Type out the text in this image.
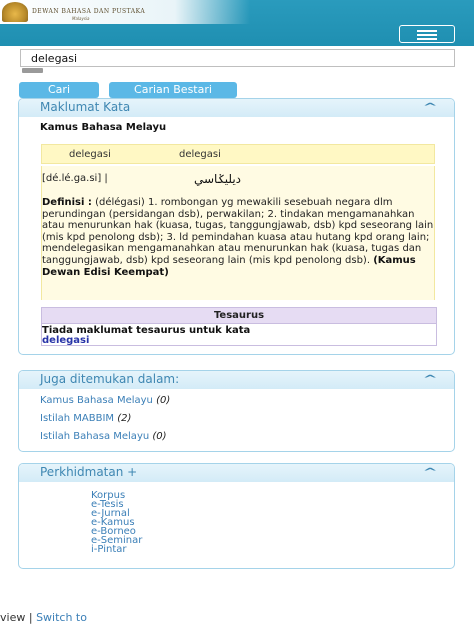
DEWAN BAHASA DAN PUSTAKA
Malaysia
delegasi
Cari	Carian Bestari
Maklumat Kata	^
Kamus Bahasa Melayu
delegasi	delegasi
[dé.lé.ga.si] |	ديليݢاسي
Definisi : (délégasi) 1. rombongan yg mewakili sesebuah negara dlm perundingan (persidangan dsb), perwakilan; 2. tindakan mengamanahkan atau menurunkan hak (kuasa, tugas, tanggungjawab, dsb) kpd seseorang lain (mis kpd penolong dsb); 3. ld pemindahan kuasa atau hutang kpd orang lain; mendelegasikan mengamanahkan atau menurunkan hak (kuasa, tugas dan tanggungjawab, dsb) kpd seseorang lain (mis kpd penolong dsb). (Kamus Dewan Edisi Keempat)
Tesaurus
Tiada maklumat tesaurus untuk kata
delegasi
Juga ditemukan dalam:	^
Kamus Bahasa Melayu (0)
Istilah MABBIM (2)
Istilah Bahasa Melayu (0)
Perkhidmatan +	^
Korpus
e-Tesis
e-Jurnal
e-Kamus
e-Borneo
e-Seminar
i-Pintar
view | Switch to
